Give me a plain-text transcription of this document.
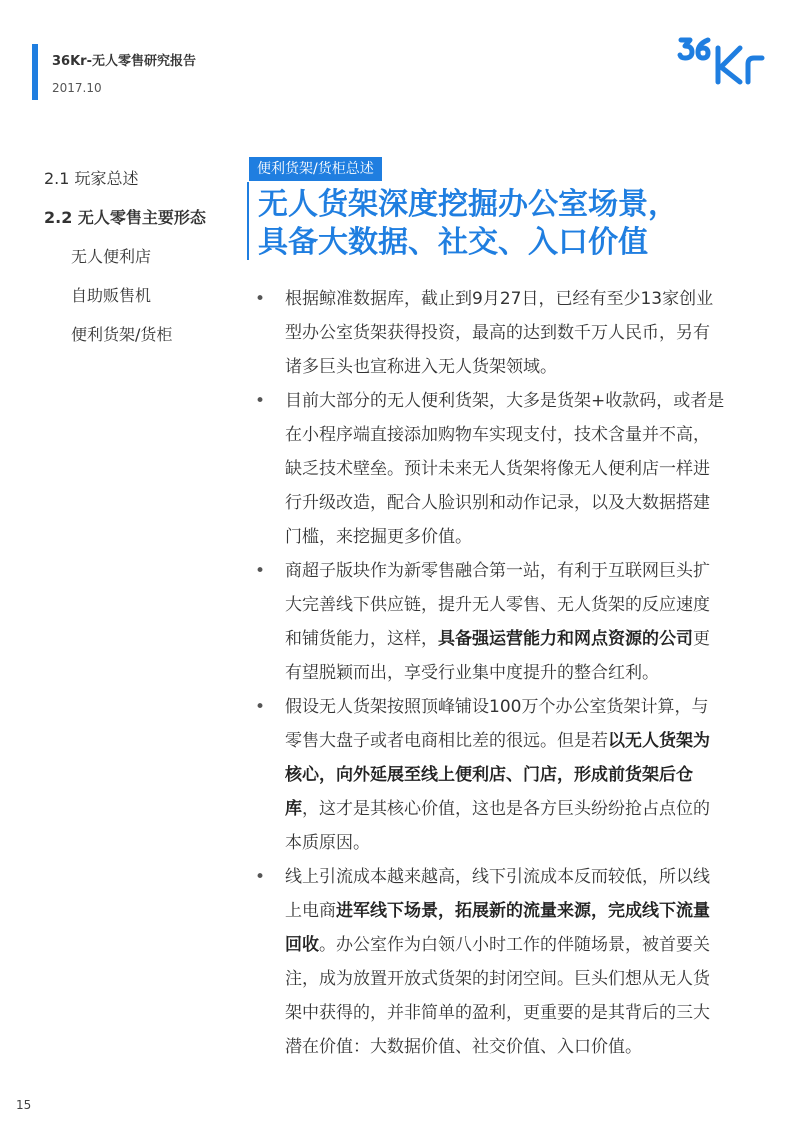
36Kr-无人零售研究报告
2017.10
2.1 玩家总述
2.2 无人零售主要形态
无人便利店
自助贩售机
便利货架/货柜
便利货架/货柜总述
无人货架深度挖掘办公室场景，
具备大数据、社交、入口价值
• 根据鲸准数据库，截止到9月27日，已经有至少13家创业型办公室货架获得投资，最高的达到数千万人民币，另有诸多巨头也宣称进入无人货架领域。
• 目前大部分的无人便利货架，大多是货架+收款码，或者是在小程序端直接添加购物车实现支付，技术含量并不高，缺乏技术壁垒。预计未来无人货架将像无人便利店一样进行升级改造，配合人脸识别和动作记录，以及大数据搭建门槛，来挖掘更多价值。
• 商超子版块作为新零售融合第一站，有利于互联网巨头扩大完善线下供应链，提升无人零售、无人货架的反应速度和铺货能力，这样，具备强运营能力和网点资源的公司更有望脱颖而出，享受行业集中度提升的整合红利。
• 假设无人货架按照顶峰铺设100万个办公室货架计算，与零售大盘子或者电商相比差的很远。但是若以无人货架为核心，向外延展至线上便利店、门店，形成前货架后仓库，这才是其核心价值，这也是各方巨头纷纷抢占点位的本质原因。
• 线上引流成本越来越高，线下引流成本反而较低，所以线上电商进军线下场景，拓展新的流量来源，完成线下流量回收。办公室作为白领八小时工作的伴随场景，被首要关注，成为放置开放式货架的封闭空间。巨头们想从无人货架中获得的，并非简单的盈利，更重要的是其背后的三大潜在价值：大数据价值、社交价值、入口价值。
15
